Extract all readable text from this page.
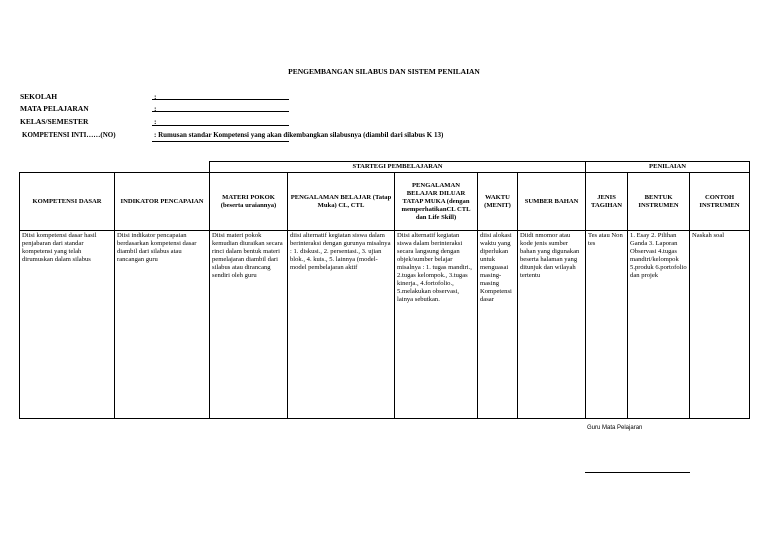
PENGEMBANGAN SILABUS DAN SISTEM PENILAIAN
SEKOLAH	:
MATA PELAJARAN	:
KELAS/SEMESTER	:
KOMPETENSI INTI……(NO)	: Rumusan standar Kompetensi yang akan dikembangkan silabusnya (diambil dari silabus K 13)
		STARTEGI PEMBELAJARAN					PENILAIAN		
KOMPETENSI DASAR	INDIKATOR PENCAPAIAN	MATERI POKOK (beserta uraiannya)	PENGALAMAN BELAJAR (Tatap Muka) CL, CTL	PENGALAMAN BELAJAR DILUAR TATAP MUKA (dengan memperhatikanCL CTL dan Life Skill)	WAKTU (MENIT)	SUMBER BAHAN	JENIS TAGIHAN	BENTUK INSTRUMEN	CONTOH INSTRUMEN
Diisi kompetensi dasar hasil penjabaran dari standar kompetensi yang telah dirumuskan dalam silabus	Diisi indikator pencapaian berdasarkan kompetensi dasar diambil dari silabus atau rancangan guru	Diisi materi pokok kemudian diuraikan secara rinci dalam bentuk materi pemelajaran diambil dari silabus atau dirancang sendiri oleh guru	diisi alternatif kegiatan siswa dalam berinteraksi dengan gurunya misalnya : 1. diskusi., 2. persentasi., 3. ujian blok., 4. kuis., 5. lainnya (model-model pembelajaran aktif	Diisi alternatif kegiatan siswa dalam berinteraksi secara langsung dengan objek/sumber belajar misalnya : 1. tugas mandiri., 2.tugas kelompok., 3.tugas kinerja., 4.fortofolio., 5.melakukan observasi, lainya sebutkan.	diisi alokasi waktu yang diperlukan untuk menguasai masing-masing Kompetensi dasar	Diidi nmomor atau kode jenis sumber bahan yang digunakan beserta halaman yang ditunjuk dan wilayah tertentu	Tes atau Non tes	1. Esay 2. Pilihan Ganda 3. Laporan Observasi 4.tugas mandiri/kelompok 5.produk 6.portofolio dan projek	Naskah soal
Guru Mata Pelajaran
